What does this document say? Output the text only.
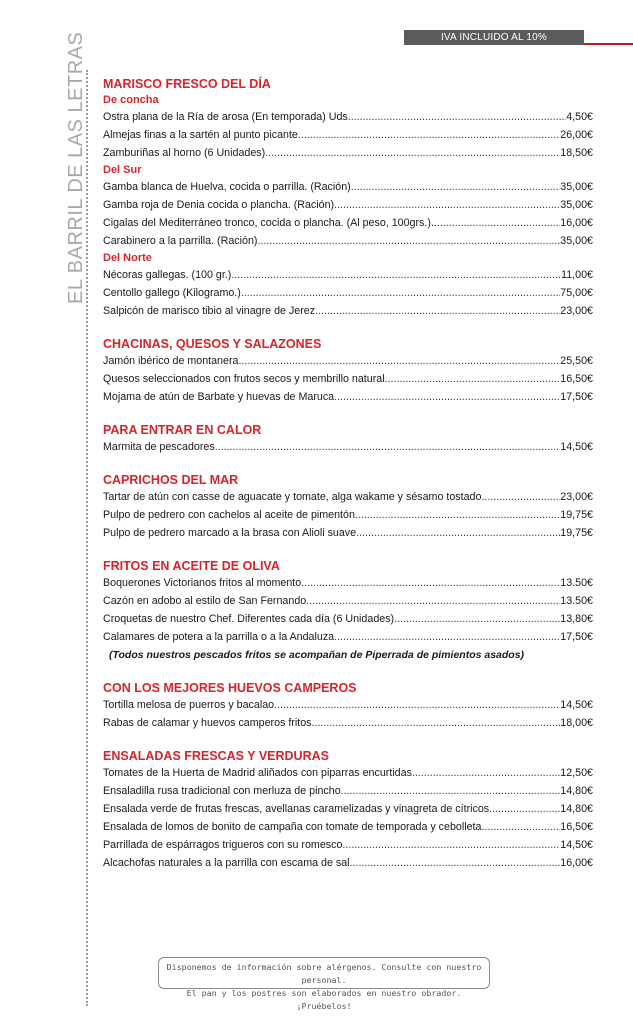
IVA INCLUIDO AL 10%
EL BARRIL DE LAS LETRAS MARISCO FRESCO DEL DÍA
De concha
Ostra plana de la Ría de arosa (En temporada) Uds. .....	4,50€
Almejas finas a la sartén al punto picante .....	26,00€
Zamburiñas al horno (6 Unidades) .....	18,50€
Del Sur
Gamba blanca de Huelva, cocida o parrilla. (Ración) .....	35,00€
Gamba roja de Denia cocida o plancha. (Ración) .....	35,00€
Cigalas del Mediterráneo tronco, cocida o plancha. (Al peso, 100grs.) .....	16,00€
Carabinero a la parrilla. (Ración) .....	35,00€
Del Norte
Nécoras gallegas. (100 gr.) .....	11,00€
Centollo gallego (Kilogramo.) .....	75,00€
Salpicón de marisco tibio al vinagre de Jerez .....	23,00€
CHACINAS, QUESOS Y SALAZONES
Jamón ibérico de montanera .....	25,50€
Quesos seleccionados con frutos secos y membrillo natural .....	16,50€
Mojama de atún de Barbate y huevas de Maruca .....	17,50€
PARA ENTRAR EN CALOR
Marmita de pescadores .....	14,50€
CAPRICHOS DEL MAR
Tartar de atún con casse de aguacate y tomate, alga wakame y sésamo tostado .....	23,00€
Pulpo de pedrero con cachelos al aceite de pimentón .....	19,75€
Pulpo de pedrero marcado a la brasa con Alioli suave .....	19,75€
FRITOS EN ACEITE DE OLIVA
Boquerones Victorianos fritos al momento .....	13.50€
Cazón en adobo al estilo de San Fernando .....	13.50€
Croquetas de nuestro Chef. Diferentes cada día (6 Unidades) .....	13,80€
Calamares de potera a la parrilla o a la Andaluza .....	17,50€
(Todos nuestros pescados fritos se acompañan de Piperrada de pimientos asados)
CON LOS MEJORES HUEVOS CAMPEROS
Tortilla melosa de puerros y bacalao .....	14,50€
Rabas de calamar y huevos camperos fritos .....	18,00€
ENSALADAS FRESCAS Y VERDURAS
Tomates de la Huerta de Madrid aliñados con piparras encurtidas .....	12,50€
Ensaladilla rusa tradicional con merluza de pincho .....	14,80€
Ensalada verde de frutas frescas, avellanas caramelizadas y vinagreta de cítricos .....	14,80€
Ensalada de lomos de bonito de campaña con tomate de temporada y cebolleta .....	16,50€
Parrillada de espárragos trigueros con su romesco .....	14,50€
Alcachofas naturales a la parrilla con escama de sal .....	16,00€
Disponemos de información sobre alérgenos. Consulte con nuestro personal.
El pan y los postres son elaborados en nuestro obrador. ¡Pruébelos!
